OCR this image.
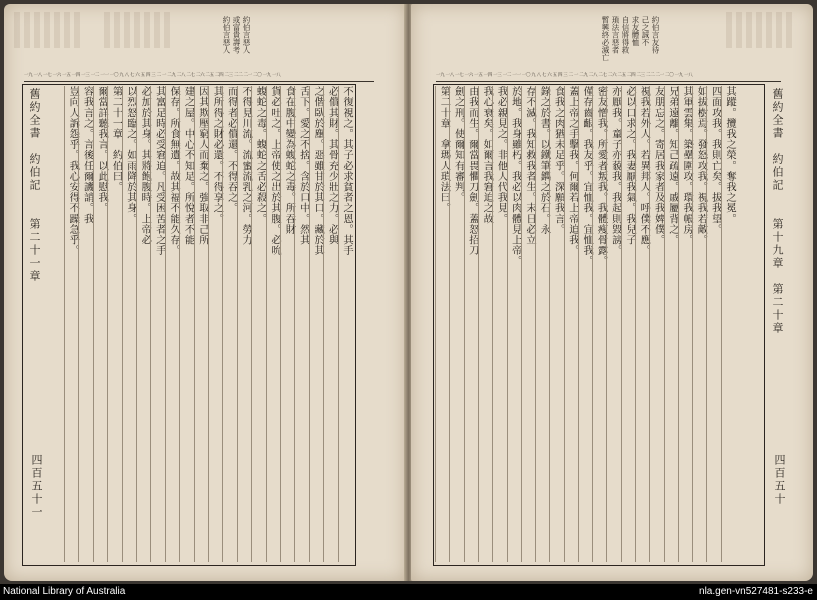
約伯言惡人
或富貴壽考
約伯言惡人
一九 一八 一七 一六 一五 一四 一三 一二 一一 一〇 九 八 七 六 五 四 三 二 一 二九 二八 二七 二六 二五 二四 二三 二二 二一 二〇 一九 一八
不復視之。其子必求貧者之恩。其手
必償其財。其骨充少壯之力。必與
之偕臥於塵。惡雖甘於其口。藏於其
舌下。愛之不捨。含於口中。然其
食在腹中變為蝮蛇之毒。所吞財
貨必吐之。上帝使之出於其腹。必吮
蝮蛇之毒。蝮蛇之舌必殺之。
不得見川流。流蜜流乳之河。勞力
而得者必償還。不得吞之。
其所得之財必還。不得享之。
因其欺壓窮人而棄之。強取非己所
建之屋。中心不知足。所悅者不能
保存。所食無遺。故其福不能久存。
其富足時必受窘迫。凡受困苦者之手
必加於其身。其將飽腹時。上帝必
以烈怒臨之。如雨降於其身。
第二十一章　約伯曰。
爾當詳聽我言。以此慰我。
容我言之。言後任爾譏誚。我
豈向人訴怨乎。我心安得不躁急乎。
舊約全書　約伯記　　第二十一章
四百五十一
約伯言友待
己之誠不
求友體恤
自信將得救
瑣法言惡者
暫興終必滅亡
一九 一八 一七 一六 一五 一四 一三 一二 一一 一〇 九 八 七 六 五 四 三 二 一 二九 二八 二七 二六 二五 二四 二三 二二 二一 二〇 一九 一八
其蹤。攬我之榮。奪我之冕。
四面攻我。我則亡矣。拔我望。
如拔樹焉。發怒攻我。視我若敵。
其軍雲集。築壘圍攻。環我帳房。
兄弟遠離。知己疏遠。戚屬背之。
友朋忘之。寄居我家者及我婢僕。
視我若外人。若異邦人。呼僕不應。
必以口求之。我妻厭我氣。我兒子
亦厭我。童子亦藐我。我起則毀謗。
密友憎我。所愛者叛我。我體瘦骨露。
僅存齒齦。我友乎。宜恤我。宜恤我。
蓋上帝之手擊我。何爾若上帝迫我。
食我之肉猶未足乎。深願我言。
錄之於書。以鐵筆鐫之於石。永
存不滅。我知救我者生。末日必立
於地。我身雖朽。我必以肉體見上帝。
我必親見之。非他人代我見。
我心衰矣。如爾言我窘迫之故
由我而生。爾當畏懼刀劍。蓋怒招刀
劍之刑。使爾知有審判。
第二十章　拿瑪人瑣法曰。	舊約全書　約伯記　　第十九章　第二十章
四百五十
National Library of Australia	nla.gen-vn527481-s233-e
